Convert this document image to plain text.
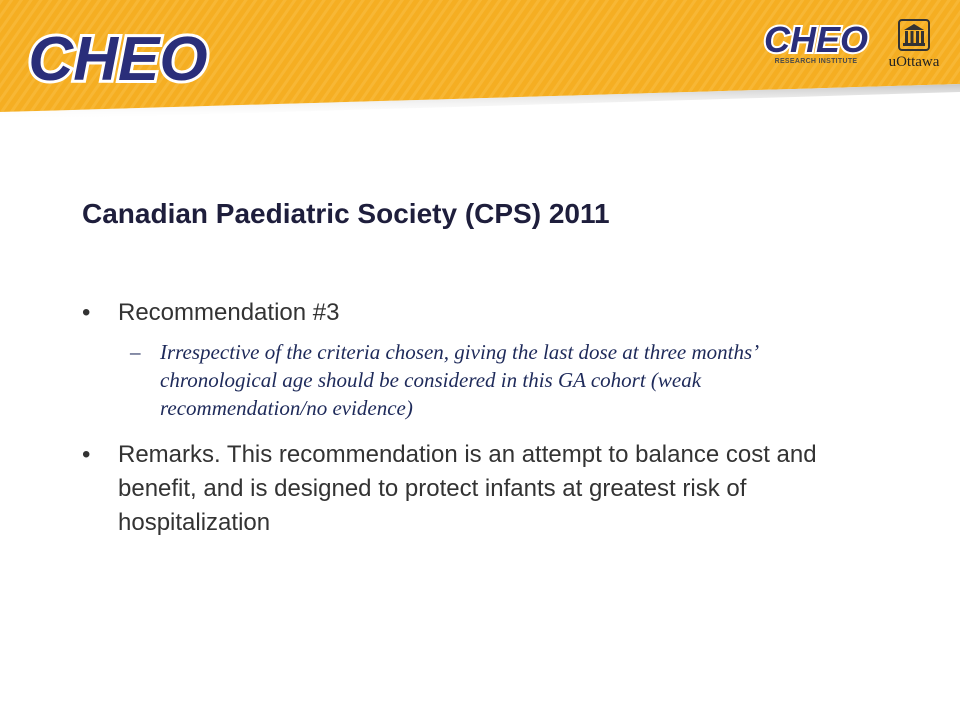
CHEO	CHEO
RESEARCH INSTITUTE	uOttawa
Canadian Paediatric Society (CPS) 2011
• Recommendation #3
– Irrespective of the criteria chosen, giving the last dose at three months’ chronological age should be considered in this GA cohort (weak recommendation/no evidence)
• Remarks. This recommendation is an attempt to balance cost and benefit, and is designed to protect infants at greatest risk of hospitalization
